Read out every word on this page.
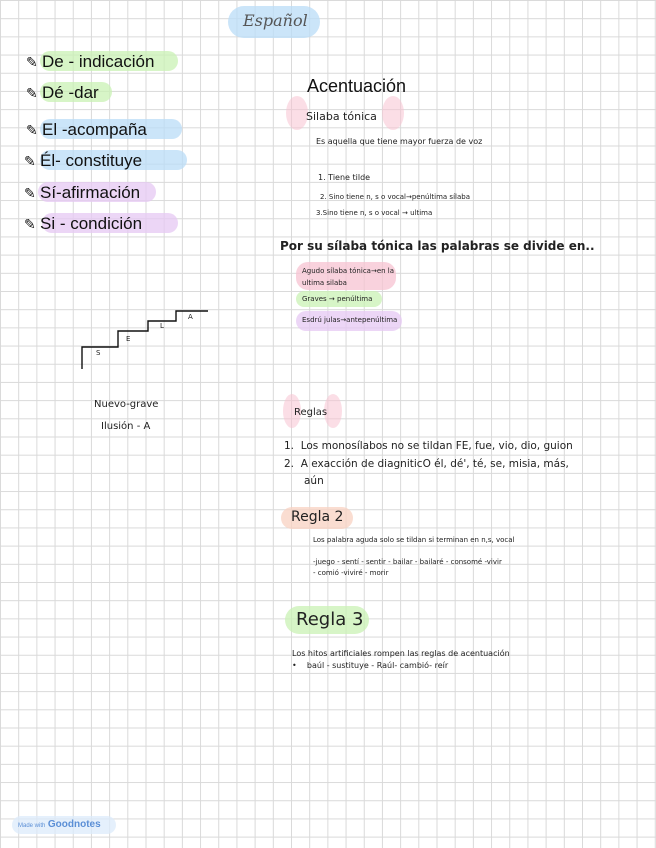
Español
✎ De - indicación
✎ Dé -dar
✎ El -acompaña
✎ Él- constituye
✎ Sí-afirmación
✎ Si - condición
S
E
L
A
Nuevo-grave
Ilusión - A
Acentuación
Silaba tónica
Es aquella que tiene mayor fuerza de voz
1. Tiene tilde
2. Sino tiene n, s o vocal→penúltima sílaba
3.Sino tiene n, s o vocal → ultima
Por su sílaba tónica las palabras se divide en..
Agudo sílaba tónica→en la
ultima silaba
Graves → penúltima
Esdrú julas→antepenúltima
Reglas
1. Los monosílabos no se tildan FE, fue, vio, dio, guion
2. A exacción de diagniticO él, dé', té, se, misia, más,
aún
Regla 2
Los palabra aguda solo se tildan si terminan en n,s, vocal
-juego - sentí - sentir - bailar - bailaré - consomé -vivir
- comió -viviré - morir
Regla 3
Los hitos artificiales rompen las reglas de acentuación
• baúl - sustituye - Raúl- cambió- reír
Made with Goodnotes
